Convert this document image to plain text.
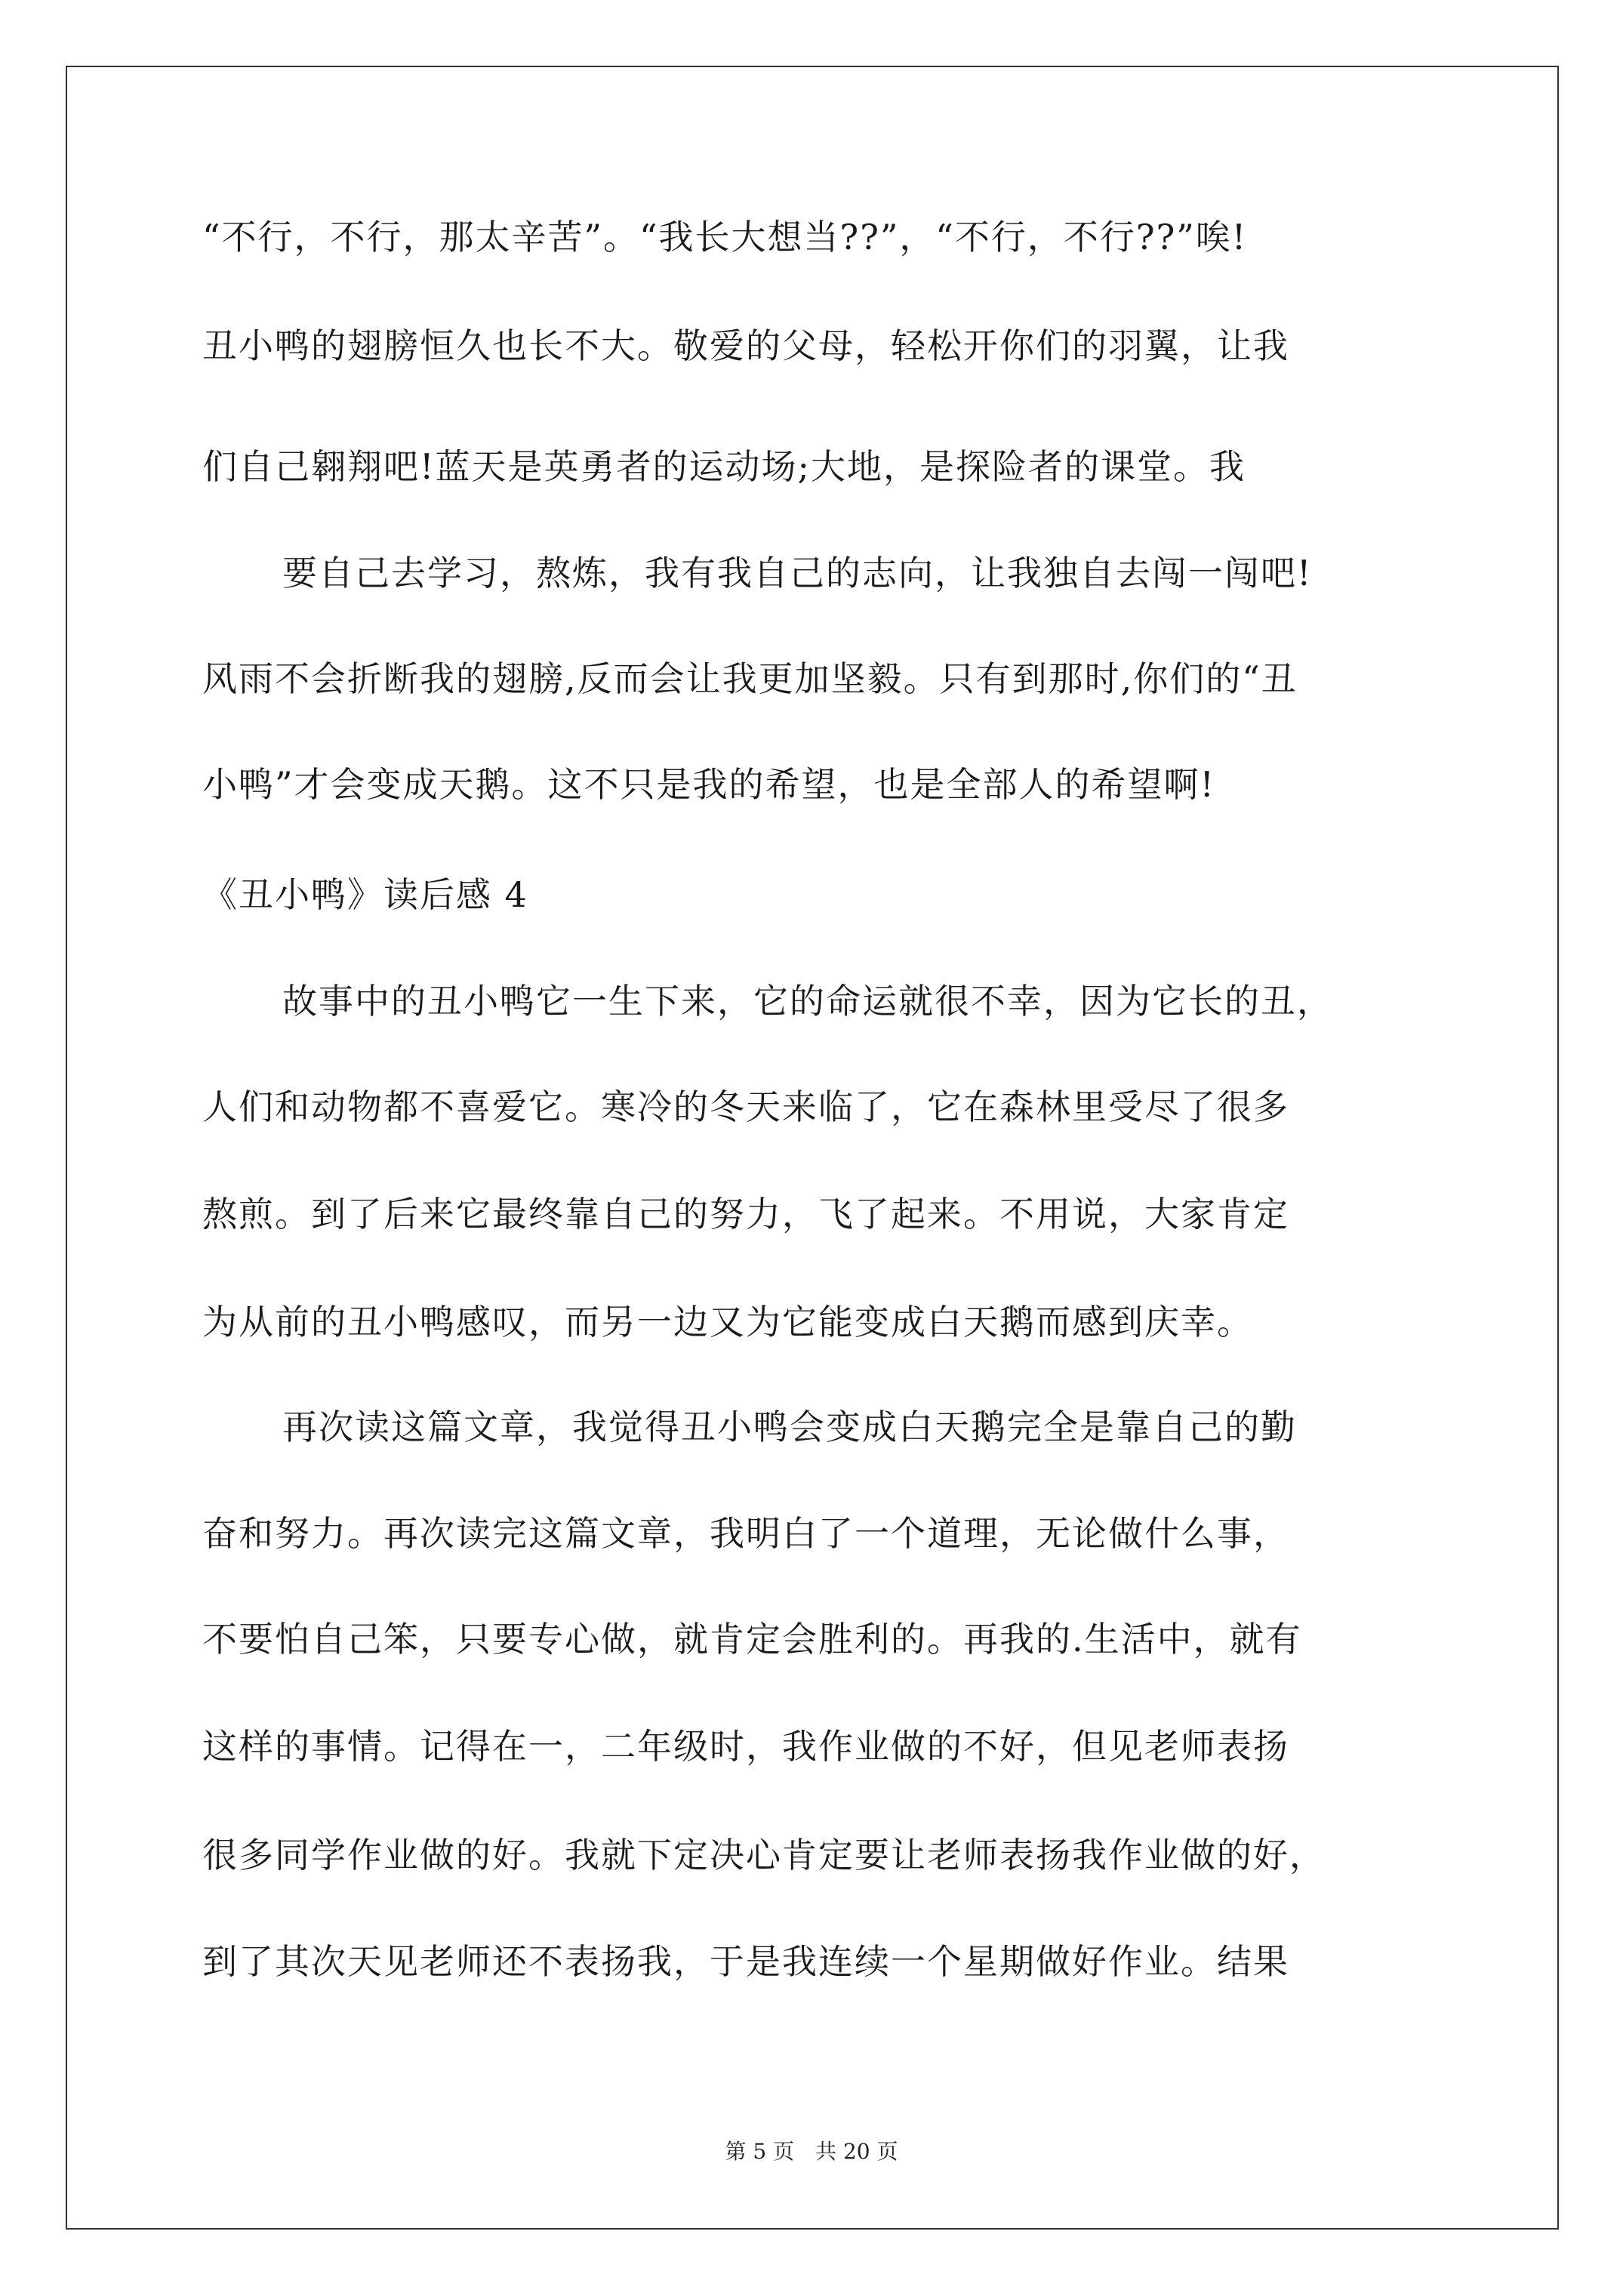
“不行，不行，那太辛苦”。“我长大想当??”，“不行，不行??”唉!
丑小鸭的翅膀恒久也长不大。敬爱的父母，轻松开你们的羽翼，让我
们自己翱翔吧!蓝天是英勇者的运动场;大地，是探险者的课堂。我
要自己去学习，熬炼，我有我自己的志向，让我独自去闯一闯吧!
风雨不会折断我的翅膀,反而会让我更加坚毅。只有到那时,你们的“丑
小鸭”才会变成天鹅。这不只是我的希望，也是全部人的希望啊!
《丑小鸭》读后感 4
故事中的丑小鸭它一生下来，它的命运就很不幸，因为它长的丑，
人们和动物都不喜爱它。寒冷的冬天来临了，它在森林里受尽了很多
熬煎。到了后来它最终靠自己的努力，飞了起来。不用说，大家肯定
为从前的丑小鸭感叹，而另一边又为它能变成白天鹅而感到庆幸。
再次读这篇文章，我觉得丑小鸭会变成白天鹅完全是靠自己的勤
奋和努力。再次读完这篇文章，我明白了一个道理，无论做什么事，
不要怕自己笨，只要专心做，就肯定会胜利的。再我的.生活中，就有
这样的事情。记得在一，二年级时，我作业做的不好，但见老师表扬
很多同学作业做的好。我就下定决心肯定要让老师表扬我作业做的好，
到了其次天见老师还不表扬我，于是我连续一个星期做好作业。结果
第 5 页　共 20 页
